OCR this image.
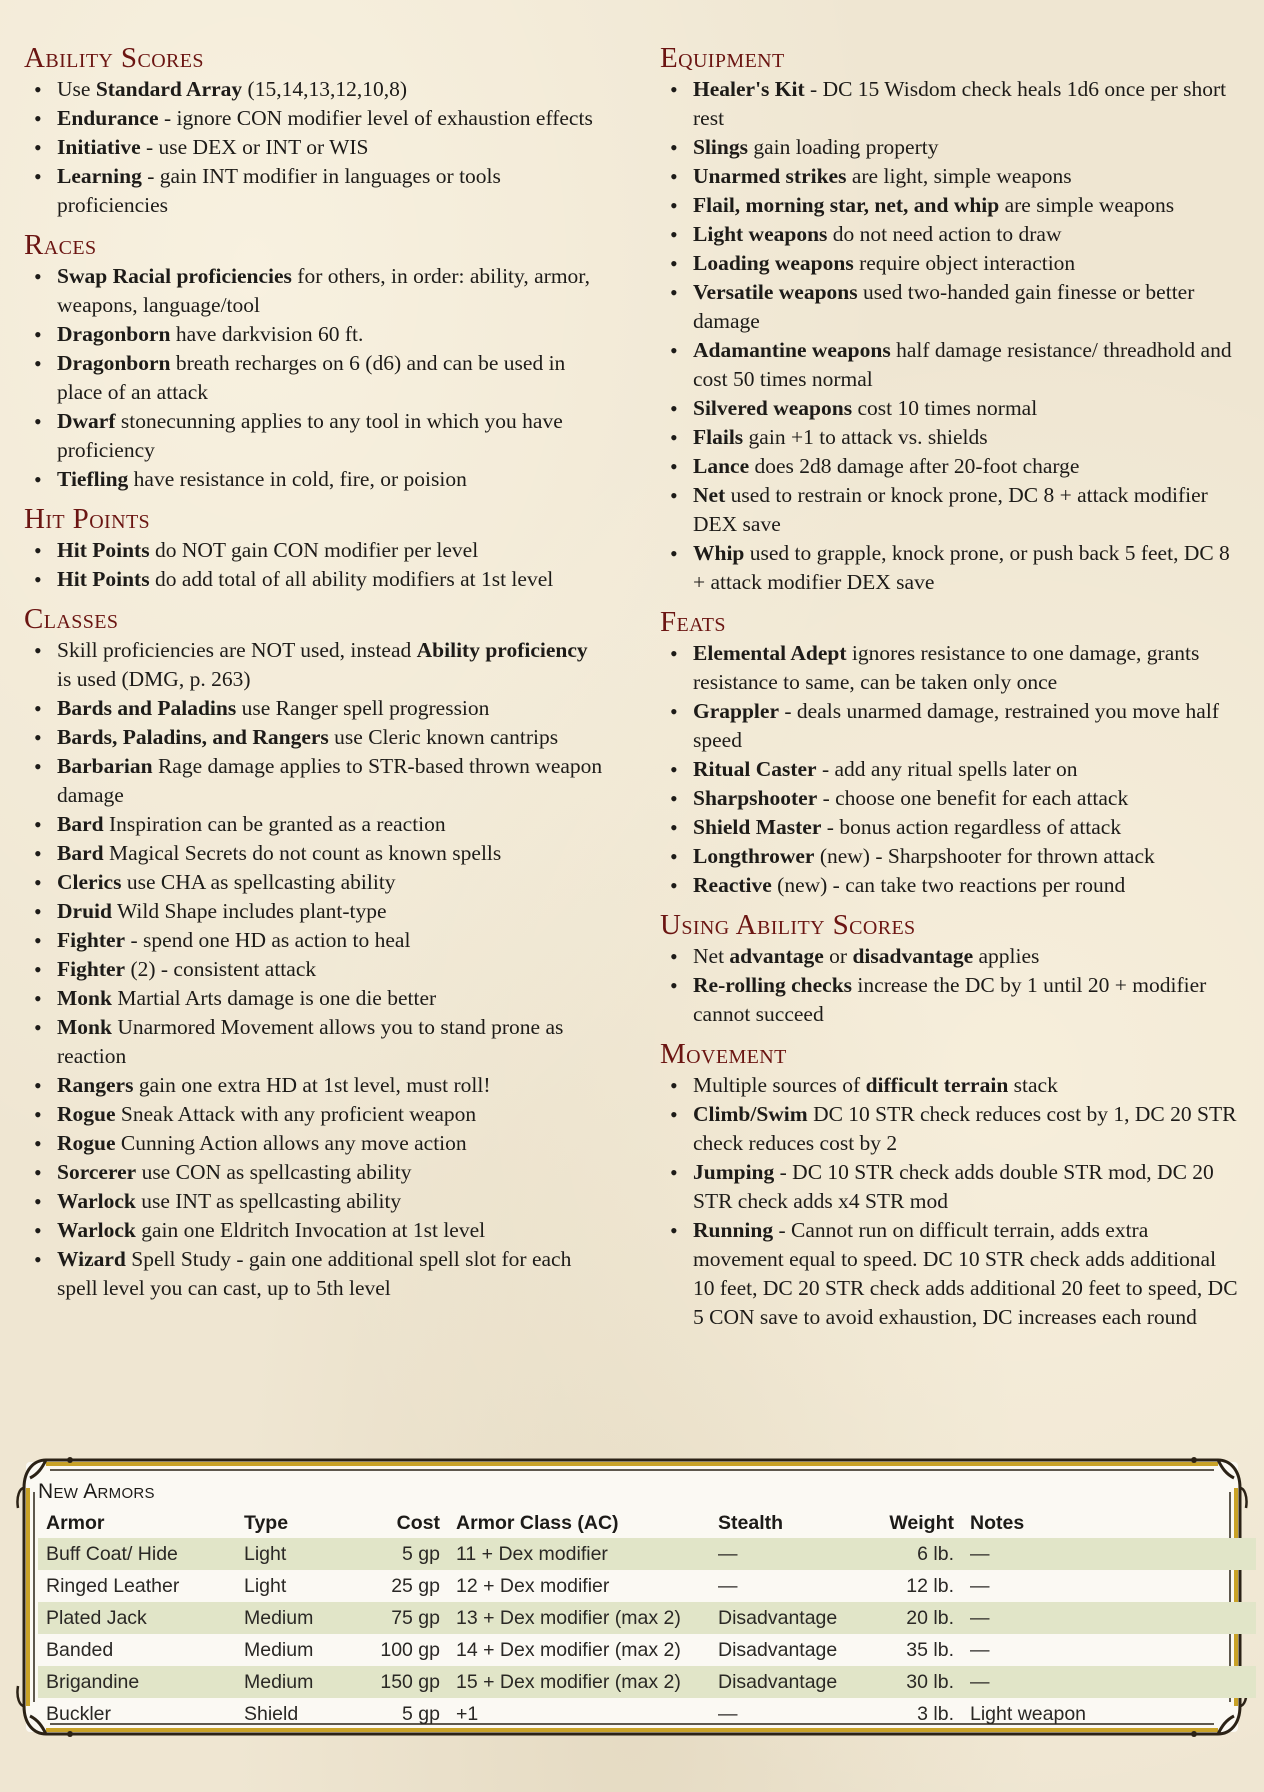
Ability Scores
• Use Standard Array (15,14,13,12,10,8)
• Endurance - ignore CON modifier level of exhaustion effects
• Initiative - use DEX or INT or WIS
• Learning - gain INT modifier in languages or tools proficiencies
Races
• Swap Racial proficiencies for others, in order: ability, armor, weapons, language/tool
• Dragonborn have darkvision 60 ft.
• Dragonborn breath recharges on 6 (d6) and can be used in place of an attack
• Dwarf stonecunning applies to any tool in which you have proficiency
• Tiefling have resistance in cold, fire, or poision
Hit Points
• Hit Points do NOT gain CON modifier per level
• Hit Points do add total of all ability modifiers at 1st level
Classes
• Skill proficiencies are NOT used, instead Ability proficiency is used (DMG, p. 263)
• Bards and Paladins use Ranger spell progression
• Bards, Paladins, and Rangers use Cleric known cantrips
• Barbarian Rage damage applies to STR-based thrown weapon damage
• Bard Inspiration can be granted as a reaction
• Bard Magical Secrets do not count as known spells
• Clerics use CHA as spellcasting ability
• Druid Wild Shape includes plant-type
• Fighter - spend one HD as action to heal
• Fighter (2) - consistent attack
• Monk Martial Arts damage is one die better
• Monk Unarmored Movement allows you to stand prone as reaction
• Rangers gain one extra HD at 1st level, must roll!
• Rogue Sneak Attack with any proficient weapon
• Rogue Cunning Action allows any move action
• Sorcerer use CON as spellcasting ability
• Warlock use INT as spellcasting ability
• Warlock gain one Eldritch Invocation at 1st level
• Wizard Spell Study - gain one additional spell slot for each spell level you can cast, up to 5th level
Equipment
• Healer's Kit - DC 15 Wisdom check heals 1d6 once per short rest
• Slings gain loading property
• Unarmed strikes are light, simple weapons
• Flail, morning star, net, and whip are simple weapons
• Light weapons do not need action to draw
• Loading weapons require object interaction
• Versatile weapons used two-handed gain finesse or better damage
• Adamantine weapons half damage resistance/ threadhold and cost 50 times normal
• Silvered weapons cost 10 times normal
• Flails gain +1 to attack vs. shields
• Lance does 2d8 damage after 20-foot charge
• Net used to restrain or knock prone, DC 8 + attack modifier DEX save
• Whip used to grapple, knock prone, or push back 5 feet, DC 8 + attack modifier DEX save
Feats
• Elemental Adept ignores resistance to one damage, grants resistance to same, can be taken only once
• Grappler - deals unarmed damage, restrained you move half speed
• Ritual Caster - add any ritual spells later on
• Sharpshooter - choose one benefit for each attack
• Shield Master - bonus action regardless of attack
• Longthrower (new) - Sharpshooter for thrown attack
• Reactive (new) - can take two reactions per round
Using Ability Scores
• Net advantage or disadvantage applies
• Re-rolling checks increase the DC by 1 until 20 + modifier cannot succeed
Movement
• Multiple sources of difficult terrain stack
• Climb/Swim DC 10 STR check reduces cost by 1, DC 20 STR check reduces cost by 2
• Jumping - DC 10 STR check adds double STR mod, DC 20 STR check adds x4 STR mod
• Running - Cannot run on difficult terrain, adds extra movement equal to speed. DC 10 STR check adds additional 10 feet, DC 20 STR check adds additional 20 feet to speed, DC 5 CON save to avoid exhaustion, DC increases each round
New Armors
Armor	Type	Cost	Armor Class (AC)	Stealth	Weight	Notes
Buff Coat/ Hide	Light	5 gp	11 + Dex modifier	—	6 lb.	—
Ringed Leather	Light	25 gp	12 + Dex modifier	—	12 lb.	—
Plated Jack	Medium	75 gp	13 + Dex modifier (max 2)	Disadvantage	20 lb.	—
Banded	Medium	100 gp	14 + Dex modifier (max 2)	Disadvantage	35 lb.	—
Brigandine	Medium	150 gp	15 + Dex modifier (max 2)	Disadvantage	30 lb.	—
Buckler	Shield	5 gp	+1	—	3 lb.	Light weapon
